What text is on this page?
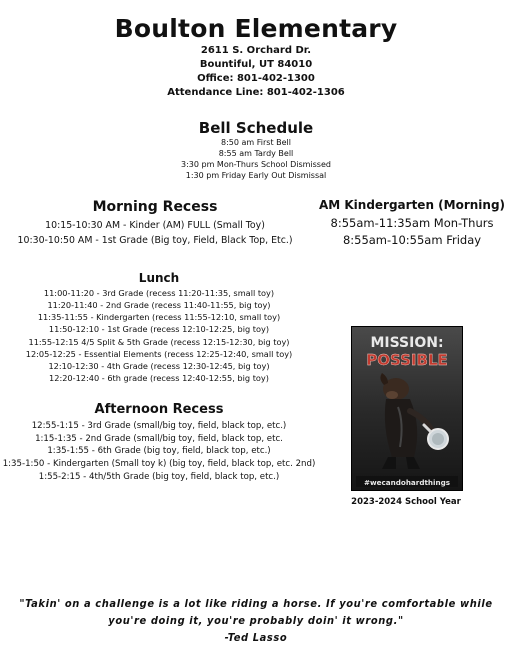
Boulton Elementary
2611 S. Orchard Dr.
Bountiful, UT 84010
Office: 801-402-1300
Attendance Line: 801-402-1306
Bell Schedule
8:50 am First Bell
8:55 am Tardy Bell
3:30 pm Mon-Thurs School Dismissed
1:30 pm Friday Early Out Dismissal
Morning Recess
10:15-10:30 AM - Kinder (AM) FULL (Small Toy)
10:30-10:50 AM - 1st Grade (Big toy, Field, Black Top, Etc.)
AM Kindergarten (Morning)
8:55am-11:35am Mon-Thurs
8:55am-10:55am Friday
Lunch
11:00-11:20 - 3rd Grade (recess 11:20-11:35, small toy)
11:20-11:40 - 2nd Grade (recess 11:40-11:55, big toy)
11:35-11:55 - Kindergarten (recess 11:55-12:10, small toy)
11:50-12:10 - 1st Grade (recess 12:10-12:25, big toy)
11:55-12:15 4/5 Split & 5th Grade (recess 12:15-12:30, big toy)
12:05-12:25 - Essential Elements (recess 12:25-12:40, small toy)
12:10-12:30 - 4th Grade (recess 12:30-12:45, big toy)
12:20-12:40 - 6th grade (recess 12:40-12:55, big toy)
Afternoon Recess
12:55-1:15 - 3rd Grade (small/big toy, field, black top, etc.)
1:15-1:35 - 2nd Grade (small/big toy, field, black top, etc.
1:35-1:55 - 6th Grade (big toy, field, black top, etc.)
1:35-1:50 - Kindergarten (Small toy k) (big toy, field, black top, etc. 2nd)
1:55-2:15 - 4th/5th Grade (big toy, field, black top, etc.)
MISSION:
POSSIBLE
#wecandohardthings
2023-2024 School Year
"Takin' on a challenge is a lot like riding a horse. If you're comfortable while
you're doing it, you're probably doin' it wrong."
-Ted Lasso
